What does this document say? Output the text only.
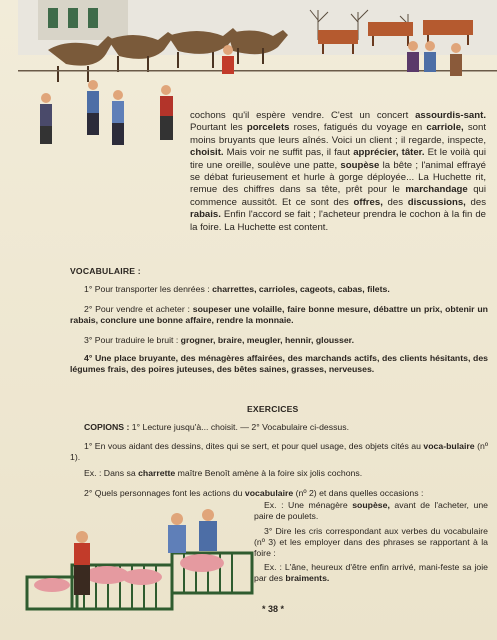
cochons qu'il espère vendre. C'est un concert assourdis-sant. Pourtant les porcelets roses, fatigués du voyage en carriole, sont moins bruyants que leurs aînés. Voici un client ; il regarde, inspecte, choisit. Mais voir ne suffit pas, il faut apprécier, tâter. Et le voilà qui tire une oreille, soulève une patte, soupèse la bête ; l'animal effrayé se débat furieusement et hurle à gorge déployée... La Huchette rit, remue des chiffres dans sa tête, prêt pour le marchandage qui commence aussitôt. Et ce sont des offres, des discussions, des rabais. Enfin l'accord se fait ; l'acheteur prendra le cochon à la fin de la foire. La Huchette est content.
VOCABULAIRE :
1° Pour transporter les denrées : charrettes, carrioles, cageots, cabas, filets.
2° Pour vendre et acheter : soupeser une volaille, faire bonne mesure, débattre un prix, obtenir un rabais, conclure une bonne affaire, rendre la monnaie.
3° Pour traduire le bruit : grogner, braire, meugler, hennir, glousser.
4° Une place bruyante, des ménagères affairées, des marchands actifs, des clients hésitants, des légumes frais, des poires juteuses, des bêtes saines, grasses, nerveuses.
EXERCICES
COPIONS : 1° Lecture jusqu'à... choisit. — 2° Vocabulaire ci-dessus.
1° En vous aidant des dessins, dites qui se sert, et pour quel usage, des objets cités au voca-bulaire (nº 1).
Ex. : Dans sa charrette maître Benoît amène à la foire six jolis cochons.
2° Quels personnages font les actions du vocabulaire (nº 2) et dans quelles occasions :
Ex. : Une ménagère soupèse, avant de l'acheter, une paire de poulets.
3° Dire les cris correspondant aux verbes du vocabulaire (nº 3) et les employer dans des phrases se rapportant à la foire :
Ex. : L'âne, heureux d'être enfin arrivé, mani-feste sa joie par des braiments.
* 38 *
